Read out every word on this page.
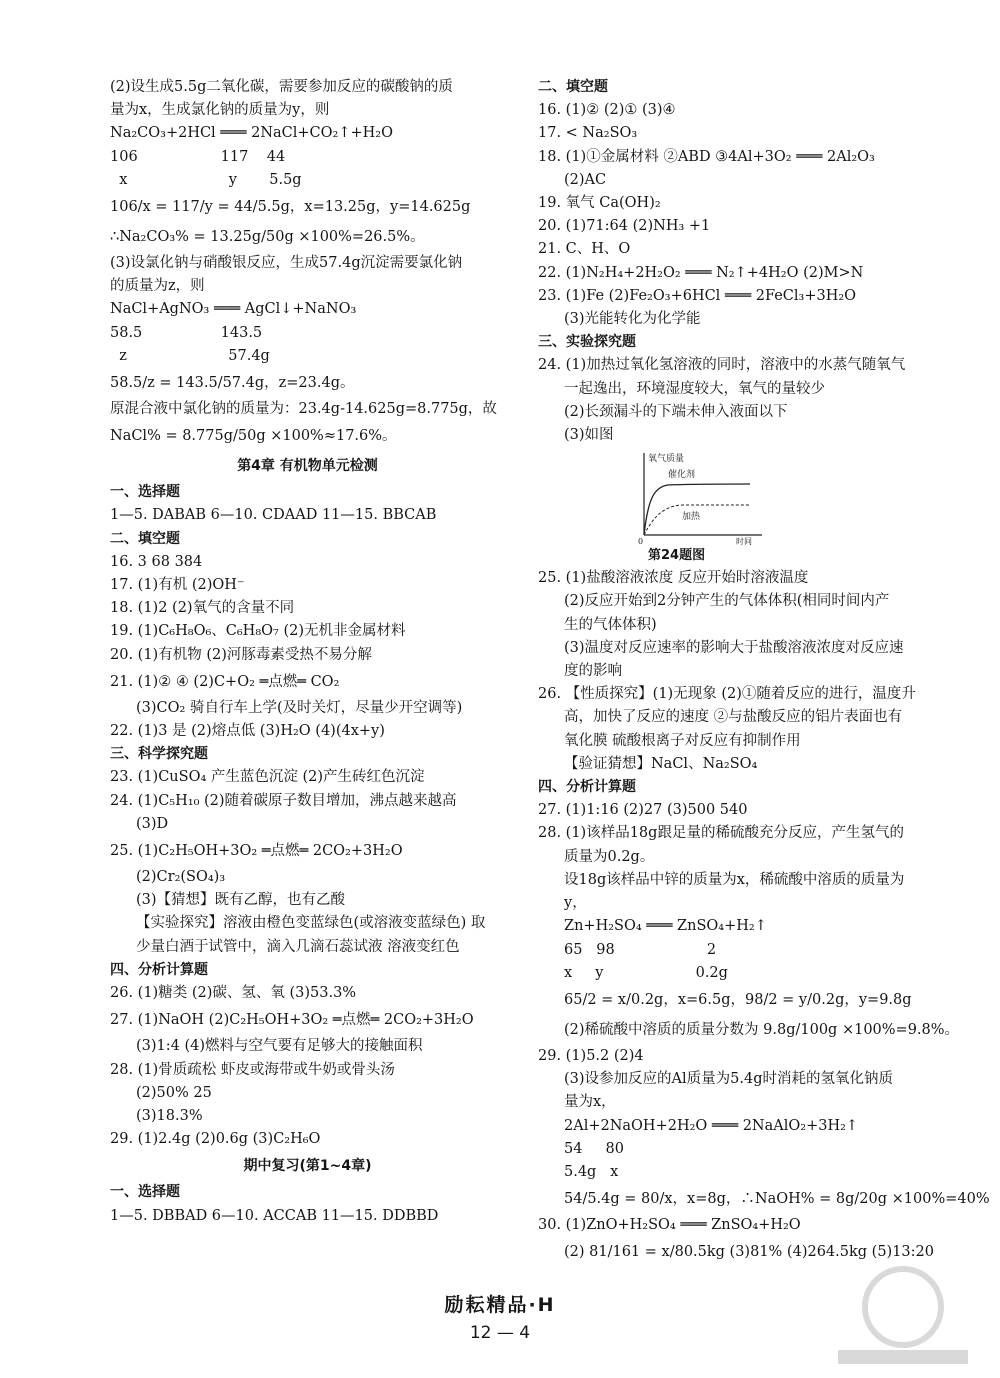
(2)设生成5.5g二氧化碳，需要参加反应的碳酸钠的质
量为x，生成氯化钠的质量为y，则
Na₂CO₃+2HCl ═══ 2NaCl+CO₂↑+H₂O
106                  117    44
x                      y       5.5g
106/x = 117/y = 44/5.5g，x=13.25g，y=14.625g
∴Na₂CO₃% = 13.25g/50g ×100%=26.5%。
(3)设氯化钠与硝酸银反应，生成57.4g沉淀需要氯化钠
的质量为z，则
NaCl+AgNO₃ ═══ AgCl↓+NaNO₃
58.5                 143.5
z                      57.4g
58.5/z = 143.5/57.4g，z=23.4g。
原混合液中氯化钠的质量为：23.4g-14.625g=8.775g，故
NaCl% = 8.775g/50g ×100%≈17.6%。
第4章 有机物单元检测
一、选择题
1—5. DABAB 6—10. CDAAD 11—15. BBCAB
二、填空题
16. 3 68 384
17. (1)有机 (2)OH⁻
18. (1)2 (2)氧气的含量不同
19. (1)C₆H₈O₆、C₆H₈O₇ (2)无机非金属材料
20. (1)有机物 (2)河豚毒素受热不易分解
21. (1)② ④ (2)C+O₂ ═点燃═ CO₂
(3)CO₂ 骑自行车上学(及时关灯，尽量少开空调等)
22. (1)3 是 (2)熔点低 (3)H₂O (4)(4x+y)
三、科学探究题
23. (1)CuSO₄ 产生蓝色沉淀 (2)产生砖红色沉淀
24. (1)C₅H₁₀ (2)随着碳原子数目增加，沸点越来越高
(3)D
25. (1)C₂H₅OH+3O₂ ═点燃═ 2CO₂+3H₂O
(2)Cr₂(SO₄)₃
(3)【猜想】既有乙醇，也有乙酸
【实验探究】溶液由橙色变蓝绿色(或溶液变蓝绿色) 取
少量白酒于试管中，滴入几滴石蕊试液 溶液变红色
四、分析计算题
26. (1)糖类 (2)碳、氢、氧 (3)53.3%
27. (1)NaOH (2)C₂H₅OH+3O₂ ═点燃═ 2CO₂+3H₂O
(3)1:4 (4)燃料与空气要有足够大的接触面积
28. (1)骨质疏松 虾皮或海带或牛奶或骨头汤
(2)50% 25
(3)18.3%
29. (1)2.4g (2)0.6g (3)C₂H₆O
期中复习(第1~4章)
一、选择题
1—5. DBBAD 6—10. ACCAB 11—15. DDBBD
二、填空题
16. (1)② (2)① (3)④
17. < Na₂SO₃
18. (1)①金属材料 ②ABD ③4Al+3O₂ ═══ 2Al₂O₃
(2)AC
19. 氧气 Ca(OH)₂
20. (1)71:64 (2)NH₃ +1
21. C、H、O
22. (1)N₂H₄+2H₂O₂ ═══ N₂↑+4H₂O (2)M>N
23. (1)Fe (2)Fe₂O₃+6HCl ═══ 2FeCl₃+3H₂O
(3)光能转化为化学能
三、实验探究题
24. (1)加热过氧化氢溶液的同时，溶液中的水蒸气随氧气
一起逸出，环境湿度较大，氧气的量较少
(2)长颈漏斗的下端未伸入液面以下
(3)如图
氧气质量
催化剂
加热
0	时间
第24题图
25. (1)盐酸溶液浓度 反应开始时溶液温度
(2)反应开始到2分钟产生的气体体积(相同时间内产
生的气体体积)
(3)温度对反应速率的影响大于盐酸溶液浓度对反应速
度的影响
26. 【性质探究】(1)无现象 (2)①随着反应的进行，温度升
高，加快了反应的速度 ②与盐酸反应的铝片表面也有
氧化膜 硫酸根离子对反应有抑制作用
【验证猜想】NaCl、Na₂SO₄
四、分析计算题
27. (1)1:16 (2)27 (3)500 540
28. (1)该样品18g跟足量的稀硫酸充分反应，产生氢气的
质量为0.2g。
设18g该样品中锌的质量为x，稀硫酸中溶质的质量为
y，
Zn+H₂SO₄ ═══ ZnSO₄+H₂↑
65   98                    2
x     y                    0.2g
65/2 = x/0.2g，x=6.5g，98/2 = y/0.2g，y=9.8g
(2)稀硫酸中溶质的质量分数为 9.8g/100g ×100%=9.8%。
29. (1)5.2 (2)4
(3)设参加反应的Al质量为5.4g时消耗的氢氧化钠质
量为x，
2Al+2NaOH+2H₂O ═══ 2NaAlO₂+3H₂↑
54     80
5.4g   x
54/5.4g = 80/x，x=8g，∴NaOH% = 8g/20g ×100%=40%
30. (1)ZnO+H₂SO₄ ═══ ZnSO₄+H₂O
(2) 81/161 = x/80.5kg (3)81% (4)264.5kg (5)13:20
励耘精品·H
12 — 4
